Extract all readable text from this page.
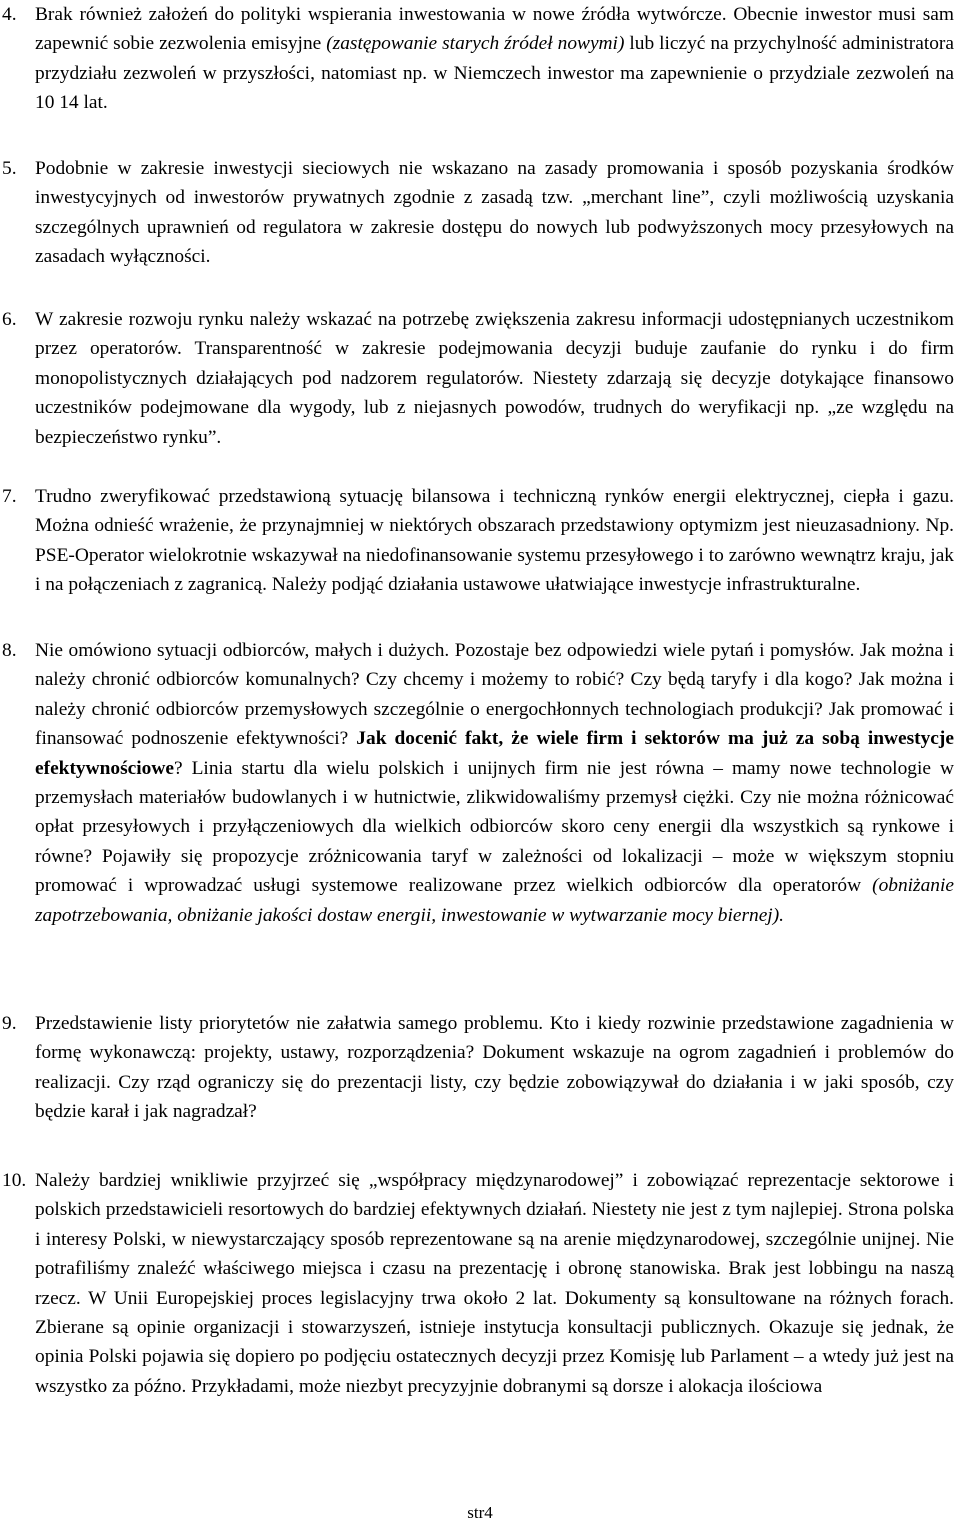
4. Brak również założeń do polityki wspierania inwestowania w nowe źródła wytwórcze. Obecnie inwestor musi sam zapewnić sobie zezwolenia emisyjne (zastępowanie starych źródeł nowymi) lub liczyć na przychylność administratora przydziału zezwoleń w przyszłości, natomiast np. w Niemczech inwestor ma zapewnienie o przydziale zezwoleń na 10 14 lat.
5. Podobnie w zakresie inwestycji sieciowych nie wskazano na zasady promowania i sposób pozyskania środków inwestycyjnych od inwestorów prywatnych zgodnie z zasadą tzw. „merchant line”, czyli możliwością uzyskania szczególnych uprawnień od regulatora w zakresie dostępu do nowych lub podwyższonych mocy przesyłowych na zasadach wyłączności.
6. W zakresie rozwoju rynku należy wskazać na potrzebę zwiększenia zakresu informacji udostępnianych uczestnikom przez operatorów. Transparentność w zakresie podejmowania decyzji buduje zaufanie do rynku i do firm monopolistycznych działających pod nadzorem regulatorów. Niestety zdarzają się decyzje dotykające finansowo uczestników podejmowane dla wygody, lub z niejasnych powodów, trudnych do weryfikacji np. „ze względu na bezpieczeństwo rynku”.
7. Trudno zweryfikować przedstawioną sytuację bilansowa i techniczną rynków energii elektrycznej, ciepła i gazu. Można odnieść wrażenie, że przynajmniej w niektórych obszarach przedstawiony optymizm jest nieuzasadniony. Np. PSE-Operator wielokrotnie wskazywał na niedofinansowanie systemu przesyłowego i to zarówno wewnątrz kraju, jak i na połączeniach z zagranicą. Należy podjąć działania ustawowe ułatwiające inwestycje infrastrukturalne.
8. Nie omówiono sytuacji odbiorców, małych i dużych. Pozostaje bez odpowiedzi wiele pytań i pomysłów. Jak można i należy chronić odbiorców komunalnych? Czy chcemy i możemy to robić? Czy będą taryfy i dla kogo? Jak można i należy chronić odbiorców przemysłowych szczególnie o energochłonnych technologiach produkcji? Jak promować i finansować podnoszenie efektywności? Jak docenić fakt, że wiele firm i sektorów ma już za sobą inwestycje efektywnościowe? Linia startu dla wielu polskich i unijnych firm nie jest równa – mamy nowe technologie w przemysłach materiałów budowlanych i w hutnictwie, zlikwidowaliśmy przemysł ciężki. Czy nie można różnicować opłat przesyłowych i przyłączeniowych dla wielkich odbiorców skoro ceny energii dla wszystkich są rynkowe i równe? Pojawiły się propozycje zróżnicowania taryf w zależności od lokalizacji – może w większym stopniu promować i wprowadzać usługi systemowe realizowane przez wielkich odbiorców dla operatorów (obniżanie zapotrzebowania, obniżanie jakości dostaw energii, inwestowanie w wytwarzanie mocy biernej).
9. Przedstawienie listy priorytetów nie załatwia samego problemu. Kto i kiedy rozwinie przedstawione zagadnienia w formę wykonawczą: projekty, ustawy, rozporządzenia? Dokument wskazuje na ogrom zagadnień i problemów do realizacji. Czy rząd ograniczy się do prezentacji listy, czy będzie zobowiązywał do działania i w jaki sposób, czy będzie karał i jak nagradzał?
10. Należy bardziej wnikliwie przyjrzeć się „współpracy międzynarodowej” i zobowiązać reprezentacje sektorowe i polskich przedstawicieli resortowych do bardziej efektywnych działań. Niestety nie jest z tym najlepiej. Strona polska i interesy Polski, w niewystarczający sposób reprezentowane są na arenie międzynarodowej, szczególnie unijnej. Nie potrafiliśmy znaleźć właściwego miejsca i czasu na prezentację i obronę stanowiska. Brak jest lobbingu na naszą rzecz. W Unii Europejskiej proces legislacyjny trwa około 2 lat. Dokumenty są konsultowane na różnych forach. Zbierane są opinie organizacji i stowarzyszeń, istnieje instytucja konsultacji publicznych. Okazuje się jednak, że opinia Polski pojawia się dopiero po podjęciu ostatecznych decyzji przez Komisję lub Parlament – a wtedy już jest na wszystko za późno. Przykładami, może niezbyt precyzyjnie dobranymi są dorsze i alokacja ilościowa
str4
